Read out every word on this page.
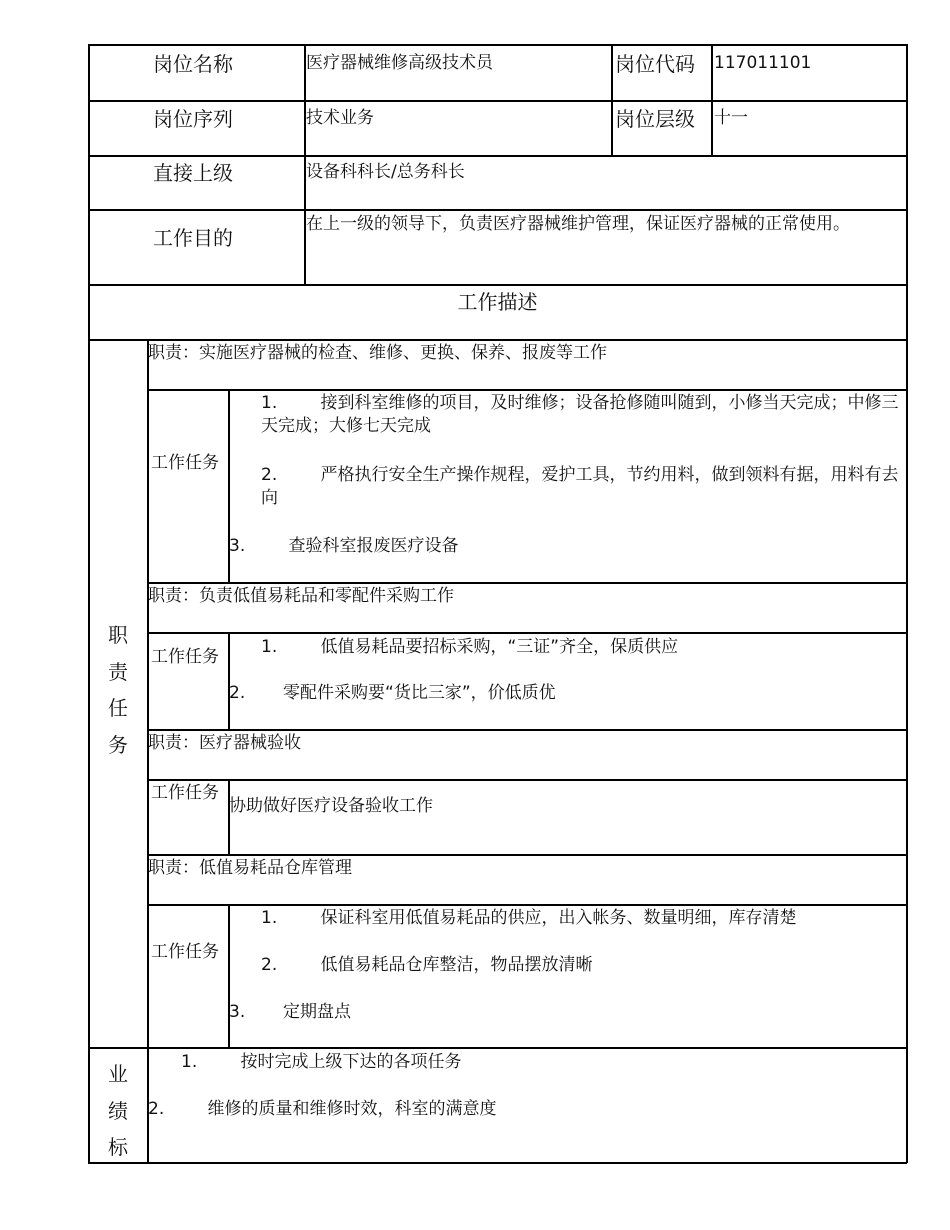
岗位名称	医疗器械维修高级技术员	岗位代码 117011101
岗位序列	技术业务	岗位层级 十一
直接上级	设备科科长/总务科长
工作目的
在上一级的领导下，负责医疗器械维护管理，保证医疗器械的正常使用。
工作描述
职
责
任
务
职责：实施医疗器械的检查、维修、更换、保养、报废等工作
工作任务
1.        接到科室维修的项目，及时维修；设备抢修随叫随到，小修当天完成；中修三天完成；大修七天完成
2.        严格执行安全生产操作规程，爱护工具，节约用料，做到领料有据，用料有去向
3.        查验科室报废医疗设备
职责：负责低值易耗品和零配件采购工作
工作任务 1.        低值易耗品要招标采购，“三证”齐全，保质供应
2.       零配件采购要“货比三家”，价低质优
职责：医疗器械验收
工作任务
协助做好医疗设备验收工作
职责：低值易耗品仓库管理
工作任务
1.        保证科室用低值易耗品的供应，出入帐务、数量明细，库存清楚
2.        低值易耗品仓库整洁，物品摆放清晰
3.       定期盘点
业
绩
标
1.        按时完成上级下达的各项任务
2.        维修的质量和维修时效，科室的满意度
